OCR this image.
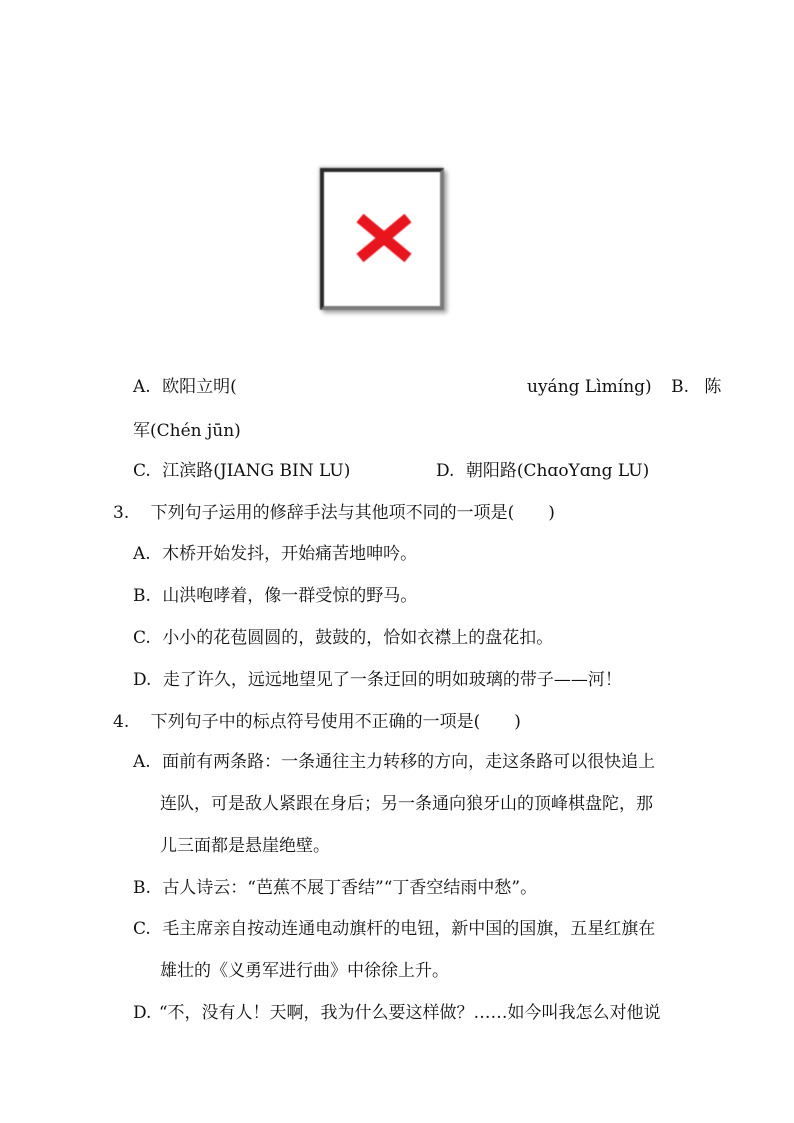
A. 欧阳立明(	uyáng Lìmíng) B. 陈
军(Chén jūn)
C. 江滨路(JIANG BIN LU)	D. 朝阳路(ChɑoYɑng LU)
3. 下列句子运用的修辞手法与其他项不同的一项是(　　)
A. 木桥开始发抖，开始痛苦地呻吟。
B. 山洪咆哮着，像一群受惊的野马。
C. 小小的花苞圆圆的，鼓鼓的，恰如衣襟上的盘花扣。
D. 走了许久，远远地望见了一条迂回的明如玻璃的带子——河！
4. 下列句子中的标点符号使用不正确的一项是(　　)
A. 面前有两条路：一条通往主力转移的方向，走这条路可以很快追上
连队，可是敌人紧跟在身后；另一条通向狼牙山的顶峰棋盘陀，那
儿三面都是悬崖绝壁。
B. 古人诗云：“芭蕉不展丁香结”“丁香空结雨中愁”。
C. 毛主席亲自按动连通电动旗杆的电钮，新中国的国旗，五星红旗在
雄壮的《义勇军进行曲》中徐徐上升。
D. “不，没有人！天啊，我为什么要这样做？……如今叫我怎么对他说
